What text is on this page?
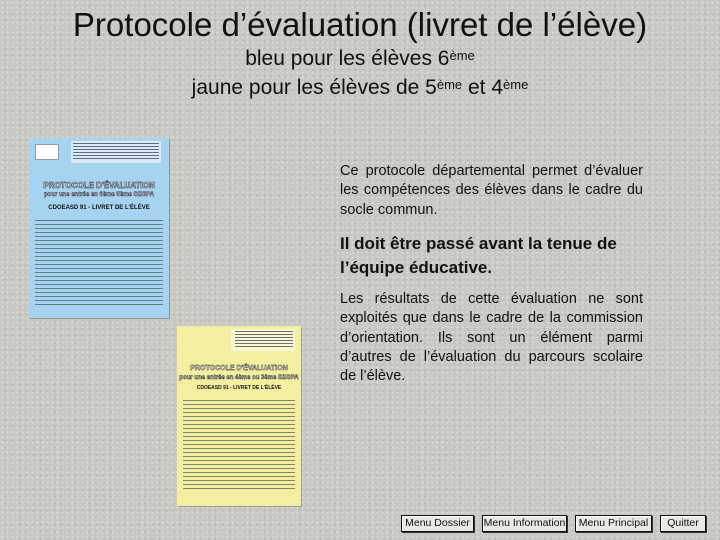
Protocole d’évaluation (livret de l’élève)
bleu pour les élèves 6ème
jaune pour les élèves de 5ème et 4ème
PROTOCOLE D'ÉVALUATION
pour une entrée en 6ème 5ème SEGPA
CDOEASD 91 - LIVRET DE L'ÉLÈVE
PROTOCOLE D'ÉVALUATION
pour une entrée en 4ème ou 3ème SEGPA
CDOEASD 91 - LIVRET DE L'ÉLÈVE

Ce protocole départemental permet d’évaluer les compétences des élèves dans le cadre du socle commun.

Il doit être passé avant la tenue de l’équipe éducative.

Les résultats de cette évaluation ne sont exploités que dans le cadre de la commission d’orientation. Ils sont un élément parmi d’autres de l’évaluation du parcours scolaire de l’élève.

Menu Dossier	Menu Information	Menu Principal	Quitter
